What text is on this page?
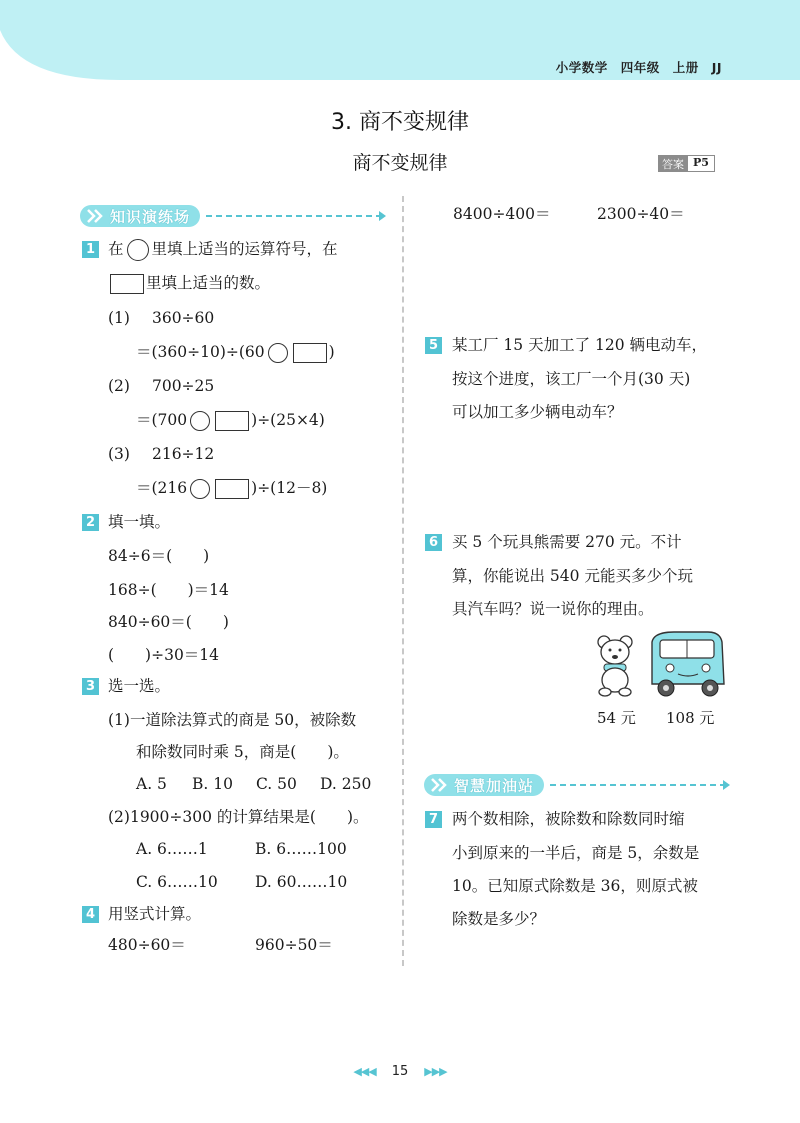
小学数学　四年级　上册　JJ
3. 商不变规律
商不变规律	答案 P5
知识演练场
1 在 里填上适当的运算符号，在
里填上适当的数。
(1) 360÷60
＝(360÷10)÷(60	)
(2) 700÷25
＝(700	)÷(25×4)
(3) 216÷12
＝(216	)÷(12－8)
2 填一填。
84÷6＝(　　)
168÷(　　)＝14
840÷60＝(　　)
(　　)÷30＝14
3 选一选。
(1)一道除法算式的商是 50，被除数
和除数同时乘 5，商是(　　)。
A. 5 B. 10 C. 50 D. 250
(2)1900÷300 的计算结果是(　　)。
A. 6……1	B. 6……100
C. 6……10 D. 60……10
4 用竖式计算。
480÷60＝	960÷50＝
8400÷400＝	2300÷40＝
5 某工厂 15 天加工了 120 辆电动车，
按这个进度，该工厂一个月(30 天)
可以加工多少辆电动车？
6 买 5 个玩具熊需要 270 元。不计
算，你能说出 540 元能买多少个玩
具汽车吗？说一说你的理由。
54 元 108 元
智慧加油站
7 两个数相除，被除数和除数同时缩
小到原来的一半后，商是 5，余数是
10。已知原式除数是 36，则原式被
除数是多少？
◀◀◀	15	▶▶▶
